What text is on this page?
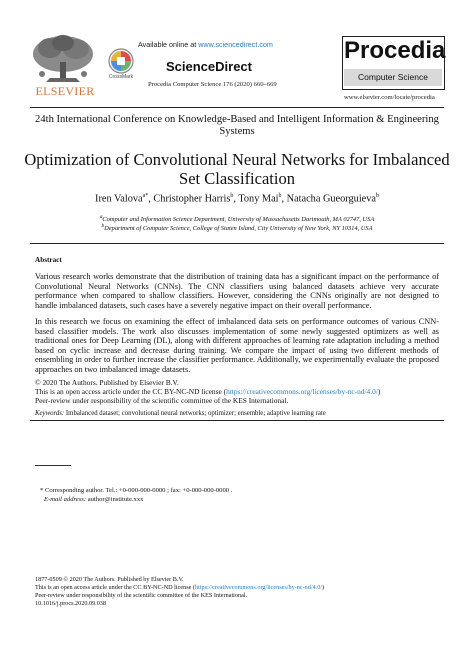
ELSEVIER
CrossMark
Available online at www.sciencedirect.com
ScienceDirect
Procedia Computer Science 176 (2020) 660–669
Procedia
Computer Science
www.elsevier.com/locate/procedia
24th International Conference on Knowledge-Based and Intelligent Information & Engineering Systems
Optimization of Convolutional Neural Networks for Imbalanced Set Classification
Iren Valova$^{a*}$, Christopher Harris$^b$, Tony Mai$^b$, Natacha Gueorguieva$^b$
$^a$Computer and Information Science Department, University of Massachusetts Dartmouth, MA 02747, USA
$^b$Department of Computer Science, College of Staten Island, City University of New York, NY 10314, USA
Abstract
Various research works demonstrate that the distribution of training data has a significant impact on the performance of Convolutional Neural Networks (CNNs). The CNN classifiers using balanced datasets achieve very accurate performance when compared to shallow classifiers. However, considering the CNNs originally are not designed to handle imbalanced datasets, such cases have a severely negative impact on their overall performance.
In this research we focus on examining the effect of imbalanced data sets on performance outcomes of various CNN-based classifier models. The work also discusses implementation of some newly suggested optimizers as well as traditional ones for Deep Learning (DL), along with different approaches of learning rate adaptation including a method based on cyclic increase and decrease during training. We compare the impact of using two different methods of ensembling in order to further increase the classifier performance. Additionally, we experimentally evaluate the proposed approaches on two imbalanced image datasets.
© 2020 The Authors. Published by Elsevier B.V.
This is an open access article under the CC BY-NC-ND license (https://creativecommons.org/licenses/by-nc-nd/4.0/)
Peer-review under responsibility of the scientific committee of the KES International.
Keywords: Imbalanced dataset; convolutional neural networks; optimizer; ensemble; adaptive learning rate
* Corresponding author. Tel.: +0-000-000-0000 ; fax: +0-000-000-0000 .
E-mail address: author@institute.xxx
1877-0509 © 2020 The Authors. Published by Elsevier B.V.
This is an open access article under the CC BY-NC-ND license (https://creativecommons.org/licenses/by-nc-nd/4.0/)
Peer-review under responsibility of the scientific committee of the KES International.
10.1016/j.procs.2020.09.038
